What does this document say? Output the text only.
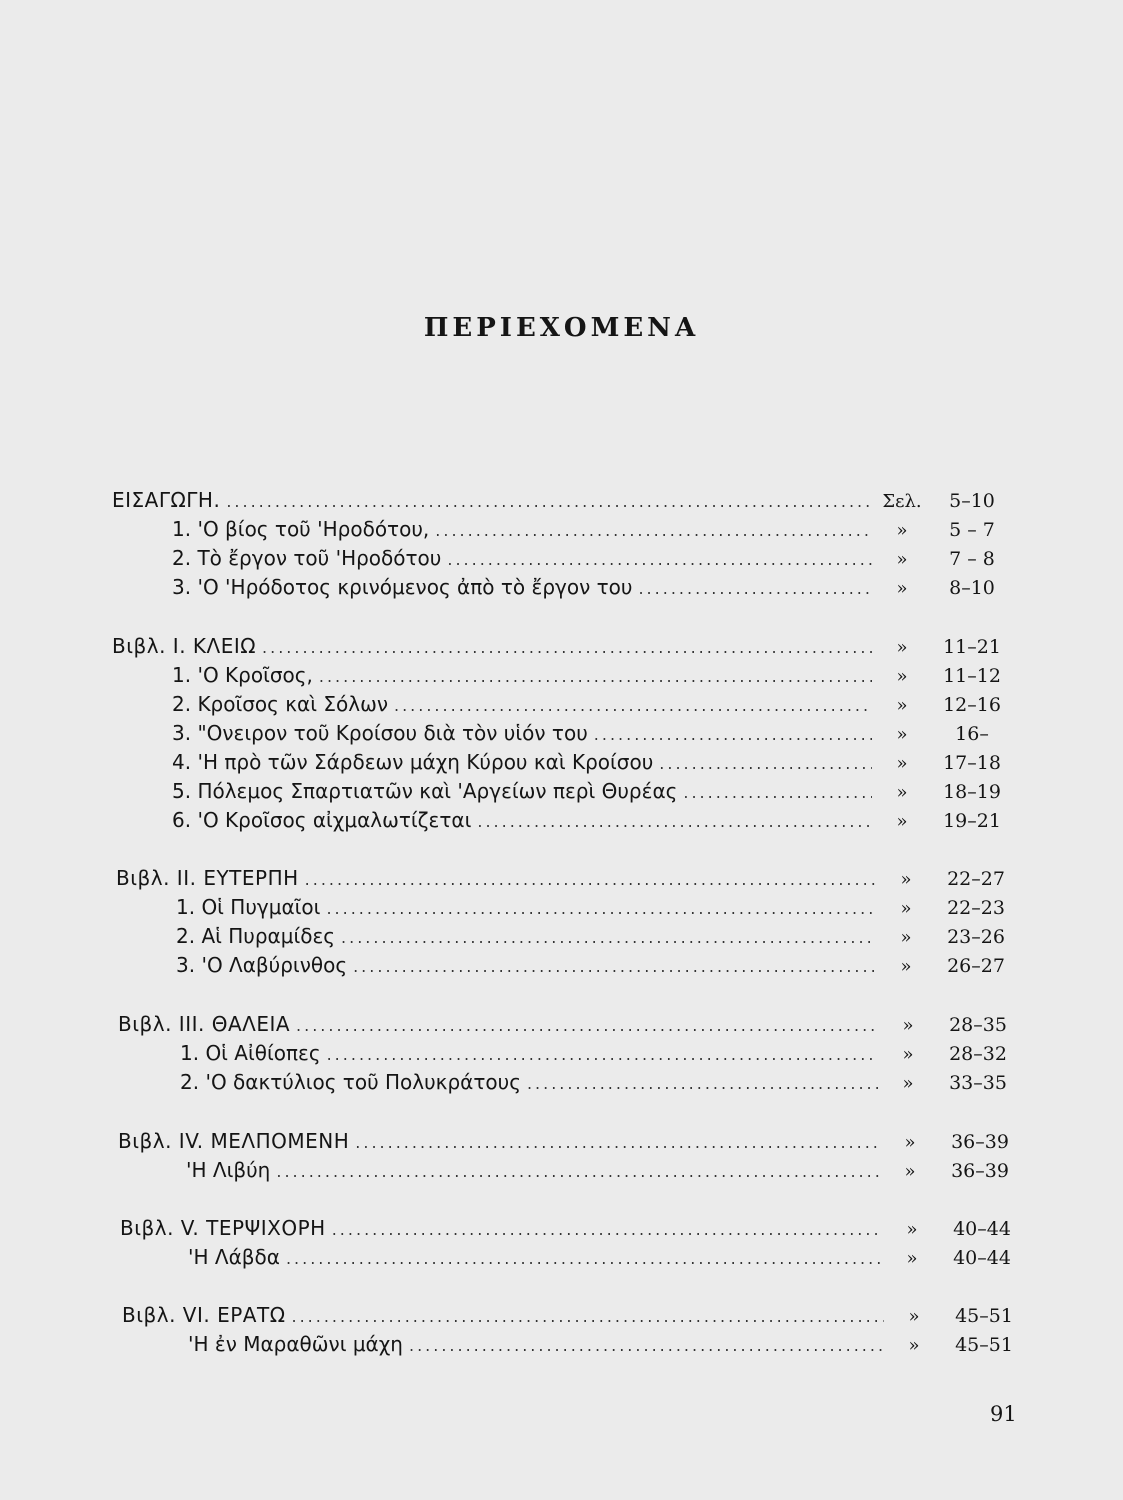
ΠΕΡΙΕΧΟΜΕΝΑ
ΕΙΣΑΓΩΓΗ. .....	Σελ.	5–10
1. 'Ο βίος τοῦ 'Ηροδότου, .....	»	5 – 7
2. Τὸ ἔργον τοῦ 'Ηροδότου .....	»	7 – 8
3. 'Ο 'Ηρόδοτος κρινόμενος ἀπὸ τὸ ἔργον του .....	»	8–10
Βιβλ. I. ΚΛΕΙΩ .....	»	11–21
1. 'Ο Κροῖσος, .....	»	11–12
2. Κροῖσος καὶ Σόλων .....	»	12–16
3. "Ονειρον τοῦ Κροίσου διὰ τὸν υἱόν του .....	»	16–
4. 'Η πρὸ τῶν Σάρδεων μάχη Κύρου καὶ Κροίσου .....	»	17–18
5. Πόλεμος Σπαρτιατῶν καὶ 'Αργείων περὶ Θυρέας .....	»	18–19
6. 'Ο Κροῖσος αἰχμαλωτίζεται .....	»	19–21
Βιβλ. II. ΕΥΤΕΡΠΗ .....	»	22–27
1. Οἱ Πυγμαῖοι .....	»	22–23
2. Αἱ Πυραμίδες .....	»	23–26
3. 'Ο Λαβύρινθος .....	»	26–27
Βιβλ. III. ΘΑΛΕΙΑ .....	»	28–35
1. Οἱ Αἰθίοπες .....	»	28–32
2. 'Ο δακτύλιος τοῦ Πολυκράτους .....	»	33–35
Βιβλ. IV. ΜΕΛΠΟΜΕΝΗ .....	»	36–39
'Η Λιβύη .....	»	36–39
Βιβλ. V. ΤΕΡΨΙΧΟΡΗ .....	»	40–44
'Η Λάβδα .....	»	40–44
Βιβλ. VI. ΕΡΑΤΩ .....	»	45–51
'Η ἐν Μαραθῶνι μάχη .....	»	45–51
91
